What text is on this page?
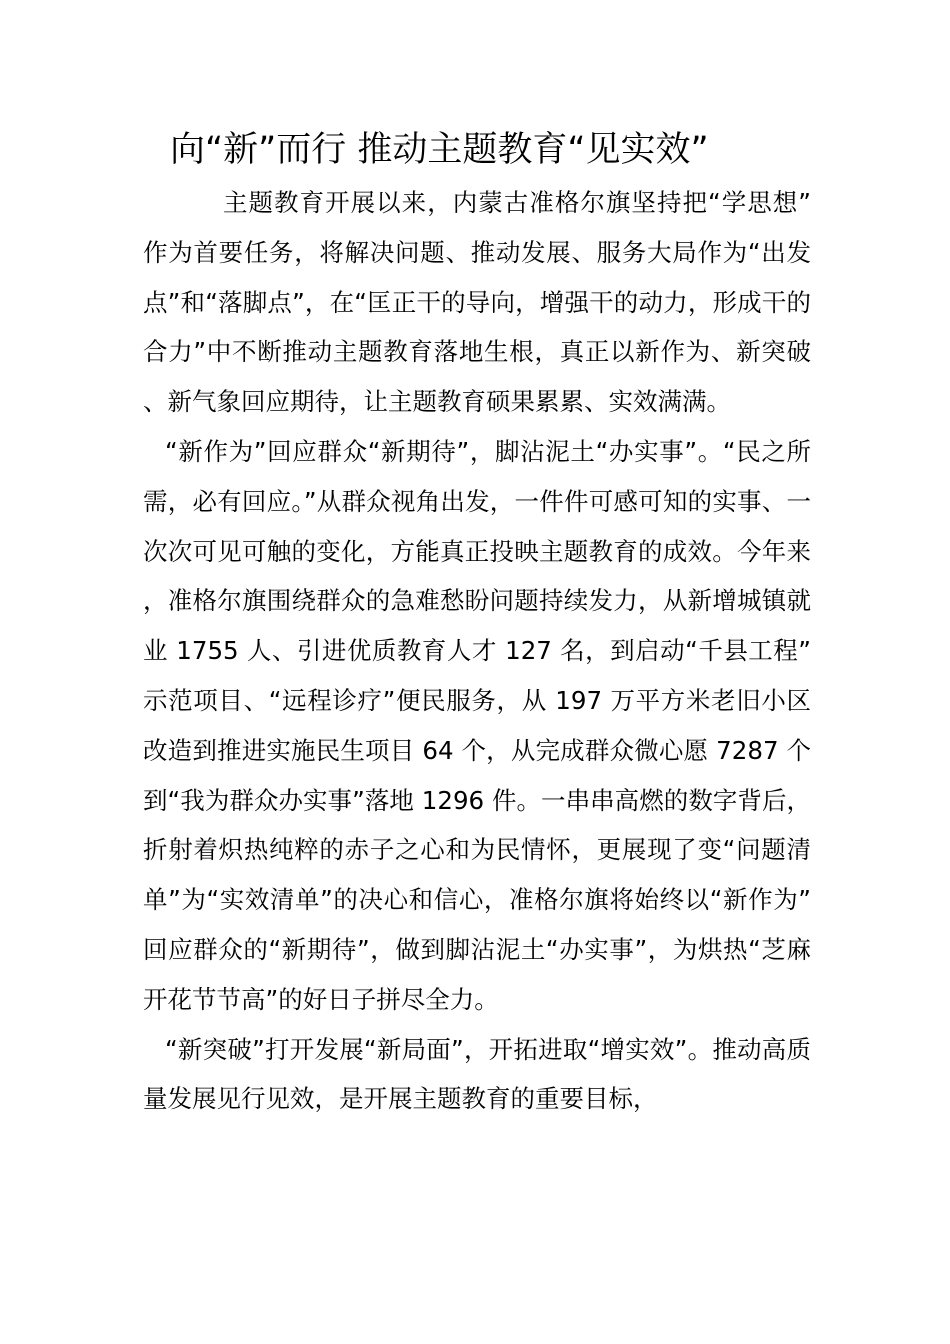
向“新”而行 推动主题教育“见实效”

主题教育开展以来，内蒙古准格尔旗坚持把“学思想”作为首要任务，将解决问题、推动发展、服务大局作为“出发点”和“落脚点”，在“匡正干的导向，增强干的动力，形成干的合力”中不断推动主题教育落地生根，真正以新作为、新突破、新气象回应期待，让主题教育硕果累累、实效满满。

“新作为”回应群众“新期待”，脚沾泥土“办实事”。“民之所需，必有回应。”从群众视角出发，一件件可感可知的实事、一次次可见可触的变化，方能真正投映主题教育的成效。今年来，准格尔旗围绕群众的急难愁盼问题持续发力，从新增城镇就业 1755 人、引进优质教育人才 127 名，到启动“千县工程”示范项目、“远程诊疗”便民服务，从 197 万平方米老旧小区改造到推进实施民生项目 64 个，从完成群众微心愿 7287 个到“我为群众办实事”落地 1296 件。一串串高燃的数字背后，折射着炽热纯粹的赤子之心和为民情怀，更展现了变“问题清单”为“实效清单”的决心和信心，准格尔旗将始终以“新作为”回应群众的“新期待”，做到脚沾泥土“办实事”，为烘热“芝麻开花节节高”的好日子拼尽全力。

“新突破”打开发展“新局面”，开拓进取“增实效”。推动高质量发展见行见效，是开展主题教育的重要目标，
